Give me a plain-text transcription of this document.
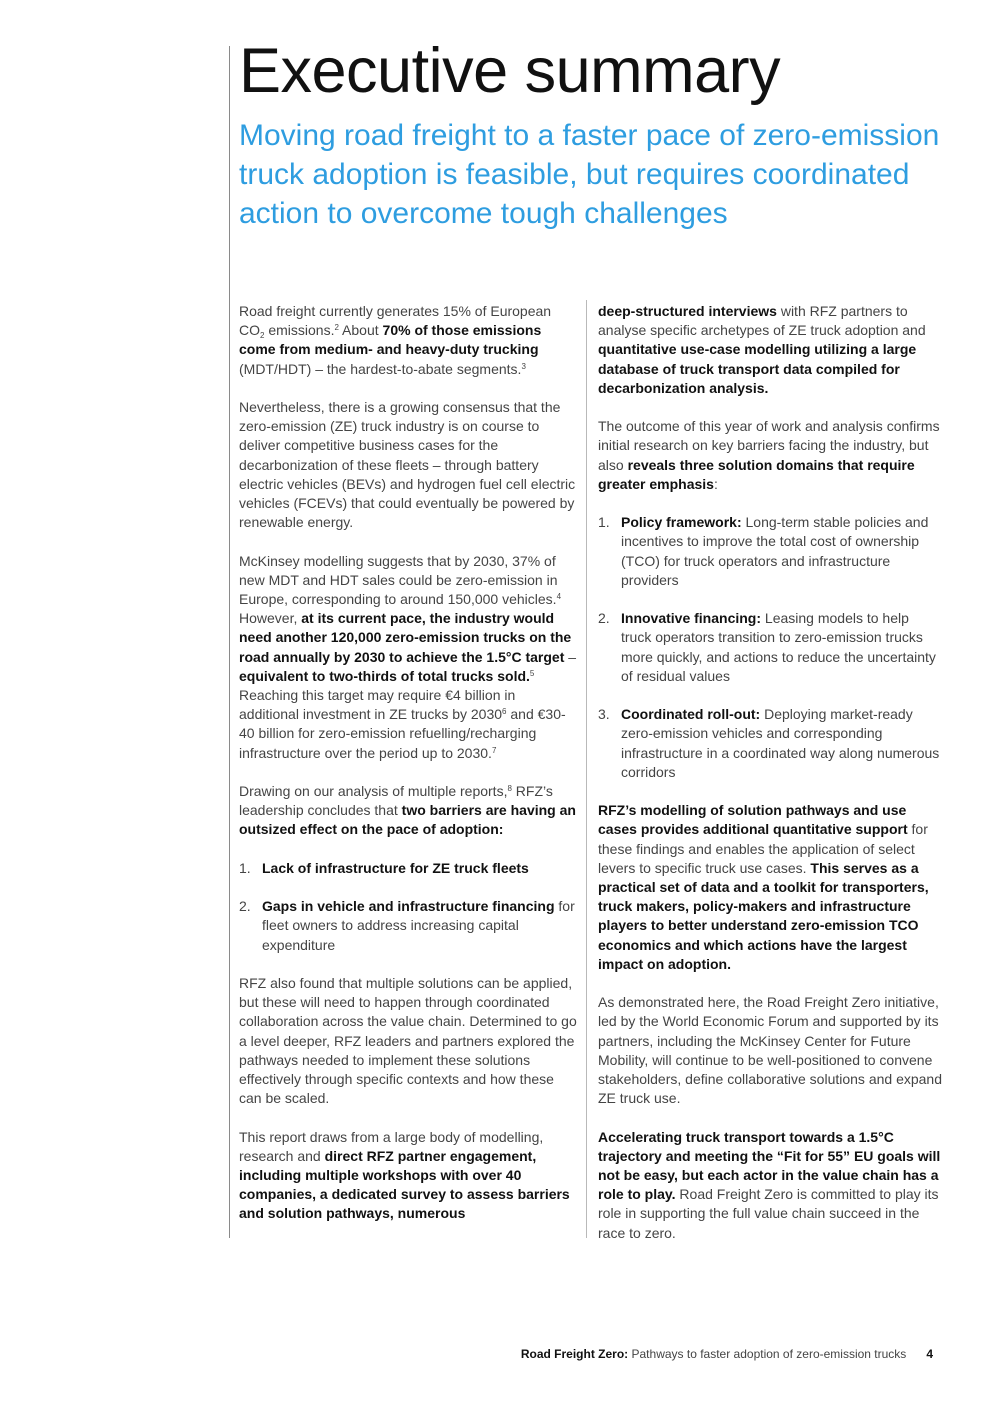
Executive summary
Moving road freight to a faster pace of zero-emission truck adoption is feasible, but requires coordinated action to overcome tough challenges

Road freight currently generates 15% of European $CO_2$ emissions.$^2$ About 70% of those emissions come from medium- and heavy-duty trucking (MDT/HDT) – the hardest-to-abate segments.$^3$

Nevertheless, there is a growing consensus that the zero-emission (ZE) truck industry is on course to deliver competitive business cases for the decarbonization of these fleets – through battery electric vehicles (BEVs) and hydrogen fuel cell electric vehicles (FCEVs) that could eventually be powered by renewable energy.

McKinsey modelling suggests that by 2030, 37% of new MDT and HDT sales could be zero-emission in Europe, corresponding to around 150,000 vehicles.$^4$ However, at its current pace, the industry would need another 120,000 zero-emission trucks on the road annually by 2030 to achieve the 1.5°C target – equivalent to two-thirds of total trucks sold.$^5$ Reaching this target may require €4 billion in additional investment in ZE trucks by 2030$^6$ and €30-40 billion for zero-emission refuelling/recharging infrastructure over the period up to 2030.$^7$

Drawing on our analysis of multiple reports,$^8$ RFZ’s leadership concludes that two barriers are having an outsized effect on the pace of adoption:

1. Lack of infrastructure for ZE truck fleets
2. Gaps in vehicle and infrastructure financing for fleet owners to address increasing capital expenditure

RFZ also found that multiple solutions can be applied, but these will need to happen through coordinated collaboration across the value chain. Determined to go a level deeper, RFZ leaders and partners explored the pathways needed to implement these solutions effectively through specific contexts and how these can be scaled.

This report draws from a large body of modelling, research and direct RFZ partner engagement, including multiple workshops with over 40 companies, a dedicated survey to assess barriers and solution pathways, numerous

deep-structured interviews with RFZ partners to analyse specific archetypes of ZE truck adoption and quantitative use-case modelling utilizing a large database of truck transport data compiled for decarbonization analysis.

The outcome of this year of work and analysis confirms initial research on key barriers facing the industry, but also reveals three solution domains that require greater emphasis:

1. Policy framework: Long-term stable policies and incentives to improve the total cost of ownership (TCO) for truck operators and infrastructure providers
2. Innovative financing: Leasing models to help truck operators transition to zero-emission trucks more quickly, and actions to reduce the uncertainty of residual values
3. Coordinated roll-out: Deploying market-ready zero-emission vehicles and corresponding infrastructure in a coordinated way along numerous corridors

RFZ’s modelling of solution pathways and use cases provides additional quantitative support for these findings and enables the application of select levers to specific truck use cases. This serves as a practical set of data and a toolkit for transporters, truck makers, policy-makers and infrastructure players to better understand zero-emission TCO economics and which actions have the largest impact on adoption.

As demonstrated here, the Road Freight Zero initiative, led by the World Economic Forum and supported by its partners, including the McKinsey Center for Future Mobility, will continue to be well-positioned to convene stakeholders, define collaborative solutions and expand ZE truck use.

Accelerating truck transport towards a 1.5°C trajectory and meeting the “Fit for 55” EU goals will not be easy, but each actor in the value chain has a role to play. Road Freight Zero is committed to play its role in supporting the full value chain succeed in the race to zero.

Road Freight Zero: Pathways to faster adoption of zero-emission trucks 4
